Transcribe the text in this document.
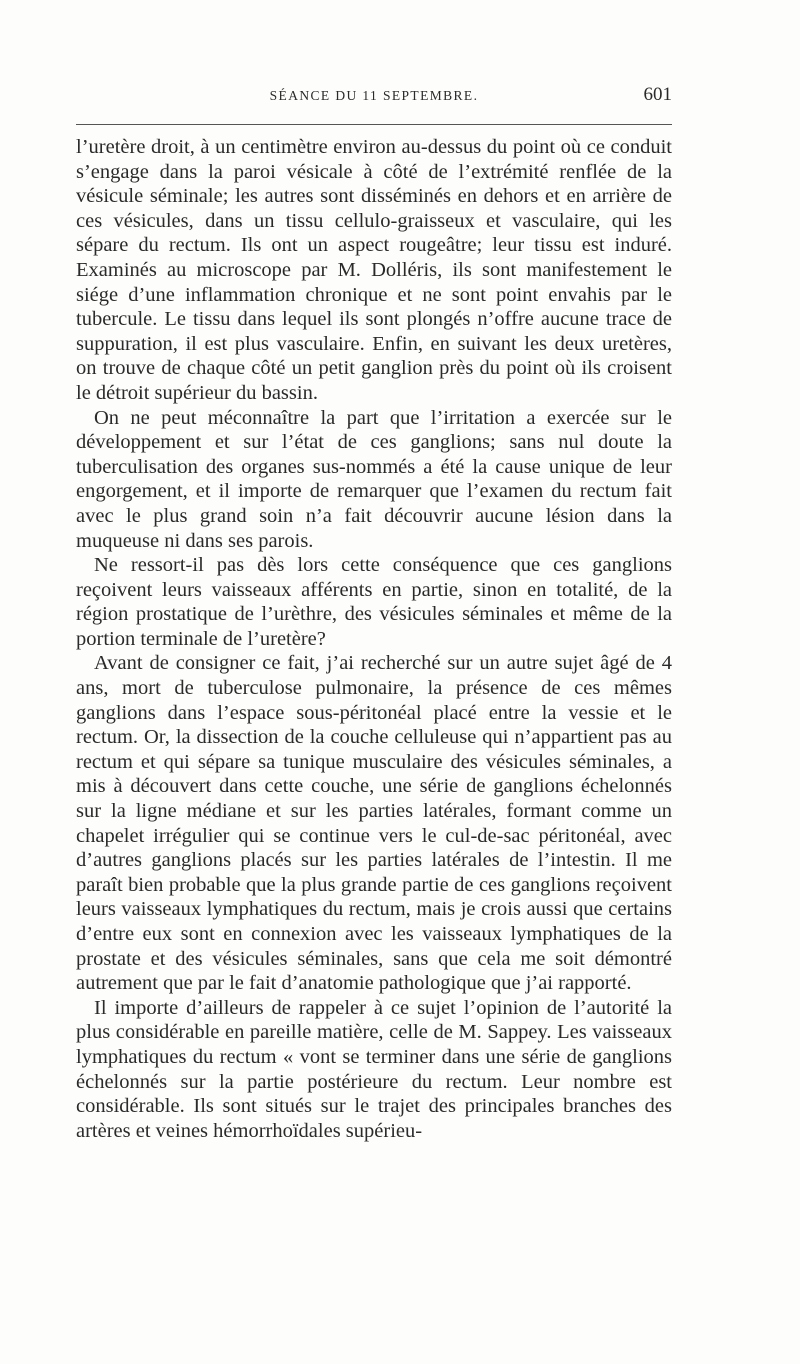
SÉANCE DU 11 SEPTEMBRE.	601

l’uretère droit, à un centimètre environ au-dessus du point où ce conduit s’engage dans la paroi vésicale à côté de l’extrémité renflée de la vésicule séminale; les autres sont disséminés en dehors et en arrière de ces vésicules, dans un tissu cellulo-graisseux et vasculaire, qui les sépare du rectum. Ils ont un aspect rougeâtre; leur tissu est induré. Examinés au microscope par M. Dolléris, ils sont manifestement le siége d’une inflammation chronique et ne sont point envahis par le tubercule. Le tissu dans lequel ils sont plongés n’offre aucune trace de suppuration, il est plus vasculaire. Enfin, en suivant les deux uretères, on trouve de chaque côté un petit ganglion près du point où ils croisent le détroit supérieur du bassin.

On ne peut méconnaître la part que l’irritation a exercée sur le développement et sur l’état de ces ganglions; sans nul doute la tuberculisation des organes sus-nommés a été la cause unique de leur engorgement, et il importe de remarquer que l’examen du rectum fait avec le plus grand soin n’a fait découvrir aucune lésion dans la muqueuse ni dans ses parois.

Ne ressort-il pas dès lors cette conséquence que ces ganglions reçoivent leurs vaisseaux afférents en partie, sinon en totalité, de la région prostatique de l’urèthre, des vésicules séminales et même de la portion terminale de l’uretère?

Avant de consigner ce fait, j’ai recherché sur un autre sujet âgé de 4 ans, mort de tuberculose pulmonaire, la présence de ces mêmes ganglions dans l’espace sous-péritonéal placé entre la vessie et le rectum. Or, la dissection de la couche celluleuse qui n’appartient pas au rectum et qui sépare sa tunique musculaire des vésicules séminales, a mis à découvert dans cette couche, une série de ganglions échelonnés sur la ligne médiane et sur les parties latérales, formant comme un chapelet irrégulier qui se continue vers le cul-de-sac péritonéal, avec d’autres ganglions placés sur les parties latérales de l’intestin. Il me paraît bien probable que la plus grande partie de ces ganglions reçoivent leurs vaisseaux lymphatiques du rectum, mais je crois aussi que certains d’entre eux sont en connexion avec les vaisseaux lymphatiques de la prostate et des vésicules séminales, sans que cela me soit démontré autrement que par le fait d’anatomie pathologique que j’ai rapporté.

Il importe d’ailleurs de rappeler à ce sujet l’opinion de l’autorité la plus considérable en pareille matière, celle de M. Sappey. Les vaisseaux lymphatiques du rectum « vont se terminer dans une série de ganglions échelonnés sur la partie postérieure du rectum. Leur nombre est considérable. Ils sont situés sur le trajet des principales branches des artères et veines hémorrhoïdales supérieu-
